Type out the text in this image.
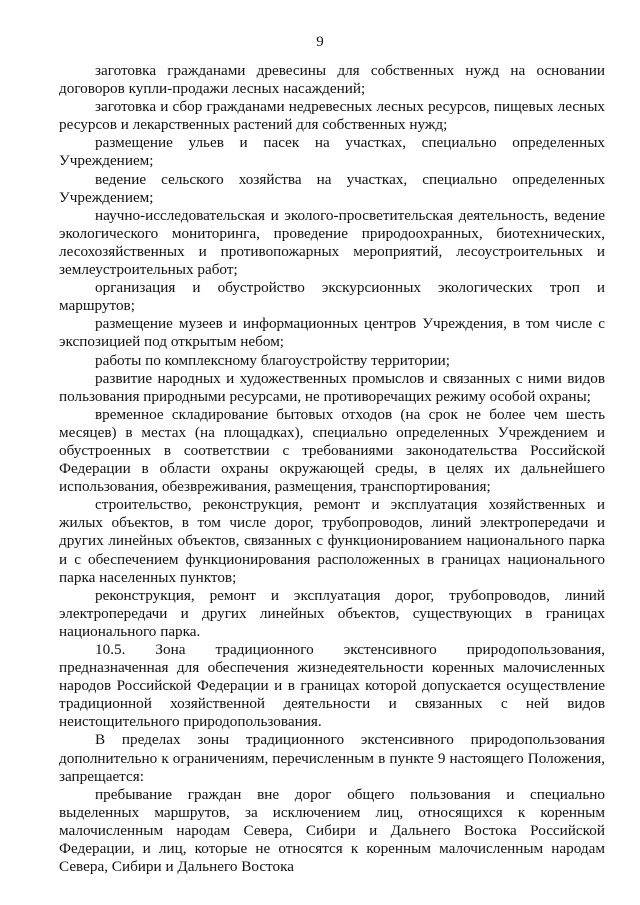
9

заготовка гражданами древесины для собственных нужд на основании договоров купли-продажи лесных насаждений;

заготовка и сбор гражданами недревесных лесных ресурсов, пищевых лесных ресурсов и лекарственных растений для собственных нужд;

размещение ульев и пасек на участках, специально определенных Учреждением;

ведение сельского хозяйства на участках, специально определенных Учреждением;

научно-исследовательская и эколого-просветительская деятельность, ведение экологического мониторинга, проведение природоохранных, биотехнических, лесохозяйственных и противопожарных мероприятий, лесоустроительных и землеустроительных работ;

организация и обустройство экскурсионных экологических троп и маршрутов;

размещение музеев и информационных центров Учреждения, в том числе с экспозицией под открытым небом;

работы по комплексному благоустройству территории;

развитие народных и художественных промыслов и связанных с ними видов пользования природными ресурсами, не противоречащих режиму особой охраны;

временное складирование бытовых отходов (на срок не более чем шесть месяцев) в местах (на площадках), специально определенных Учреждением и обустроенных в соответствии с требованиями законодательства Российской Федерации в области охраны окружающей среды, в целях их дальнейшего использования, обезвреживания, размещения, транспортирования;

строительство, реконструкция, ремонт и эксплуатация хозяйственных и жилых объектов, в том числе дорог, трубопроводов, линий электропередачи и других линейных объектов, связанных с функционированием национального парка и с обеспечением функционирования расположенных в границах национального парка населенных пунктов;

реконструкция, ремонт и эксплуатация дорог, трубопроводов, линий электропередачи и других линейных объектов, существующих в границах национального парка.

10.5. Зона традиционного экстенсивного природопользования, предназначенная для обеспечения жизнедеятельности коренных малочисленных народов Российской Федерации и в границах которой допускается осуществление традиционной хозяйственной деятельности и связанных с ней видов неистощительного природопользования.

В пределах зоны традиционного экстенсивного природопользования дополнительно к ограничениям, перечисленным в пункте 9 настоящего Положения, запрещается:

пребывание граждан вне дорог общего пользования и специально выделенных маршрутов, за исключением лиц, относящихся к коренным малочисленным народам Севера, Сибири и Дальнего Востока Российской Федерации, и лиц, которые не относятся к коренным малочисленным народам Севера, Сибири и Дальнего Востока
